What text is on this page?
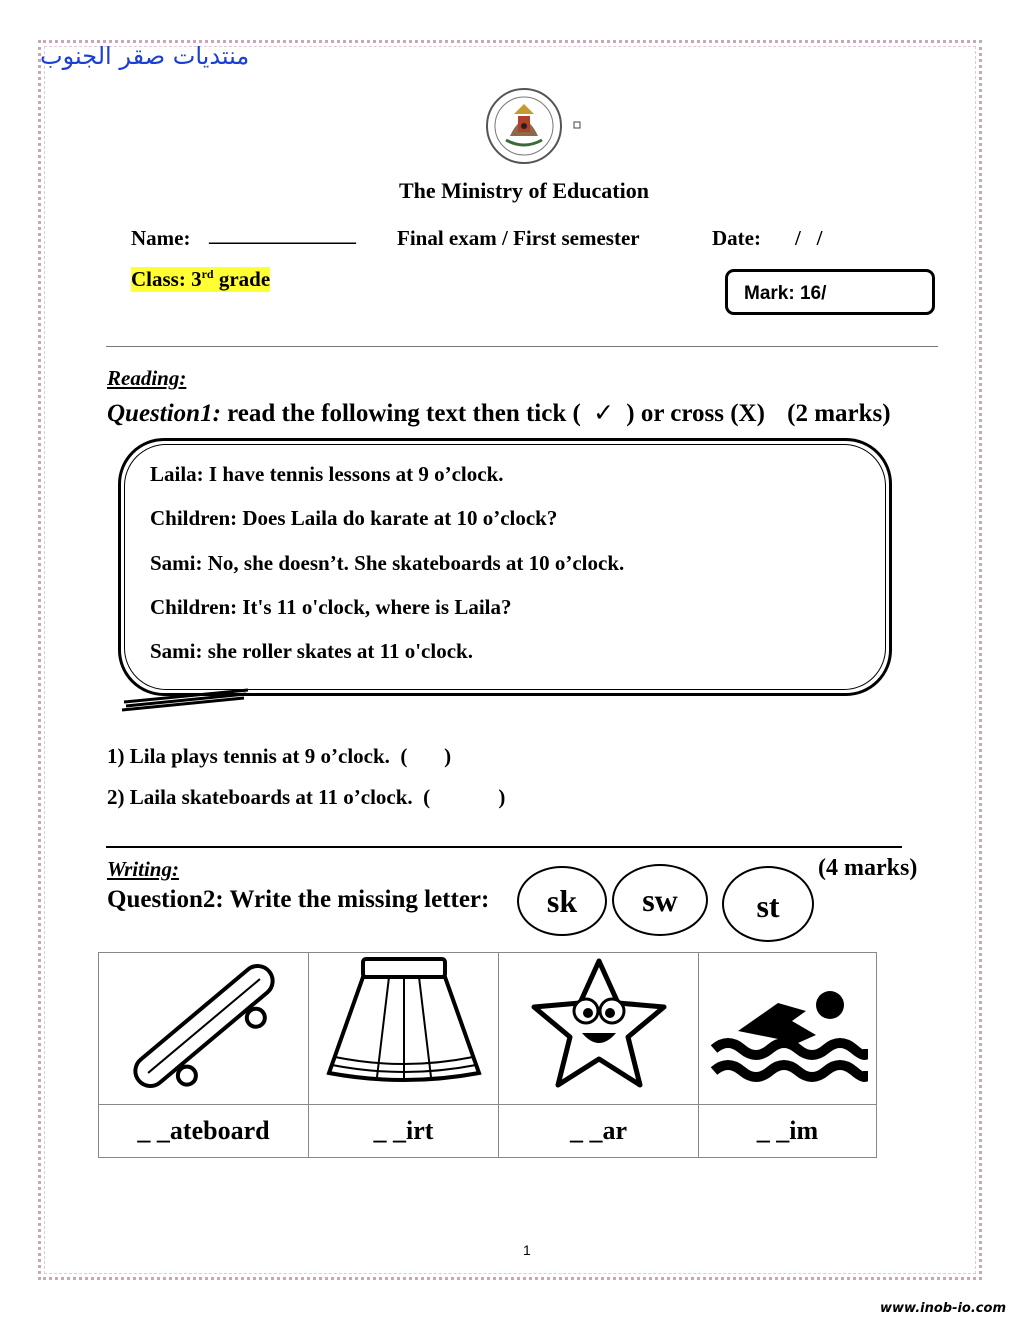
منتديات صقر الجنوب
The Ministry of Education
Name: ______________ Final exam / First semester	Date: /   /
Class: 3rd grade
Mark: 16/
Reading:
Question1: read the following text then tick ( ✓ ) or cross (X) (2 marks)
Laila: I have tennis lessons at 9 o’clock.
Children: Does Laila do karate at 10 o’clock?
Sami: No, she doesn’t. She skateboards at 10 o’clock.
Children: It's 11 o'clock, where is Laila?
Sami: she roller skates at 11 o'clock.
1) Lila plays tennis at 9 o’clock.  (       )
2) Laila skateboards at 11 o’clock.  (             )
Writing:	(4 marks)
Question2: Write the missing letter:	sk	sw	st

_ _ateboard	_ _irt	_ _ar	_ _im
1
www.inob-io.com
